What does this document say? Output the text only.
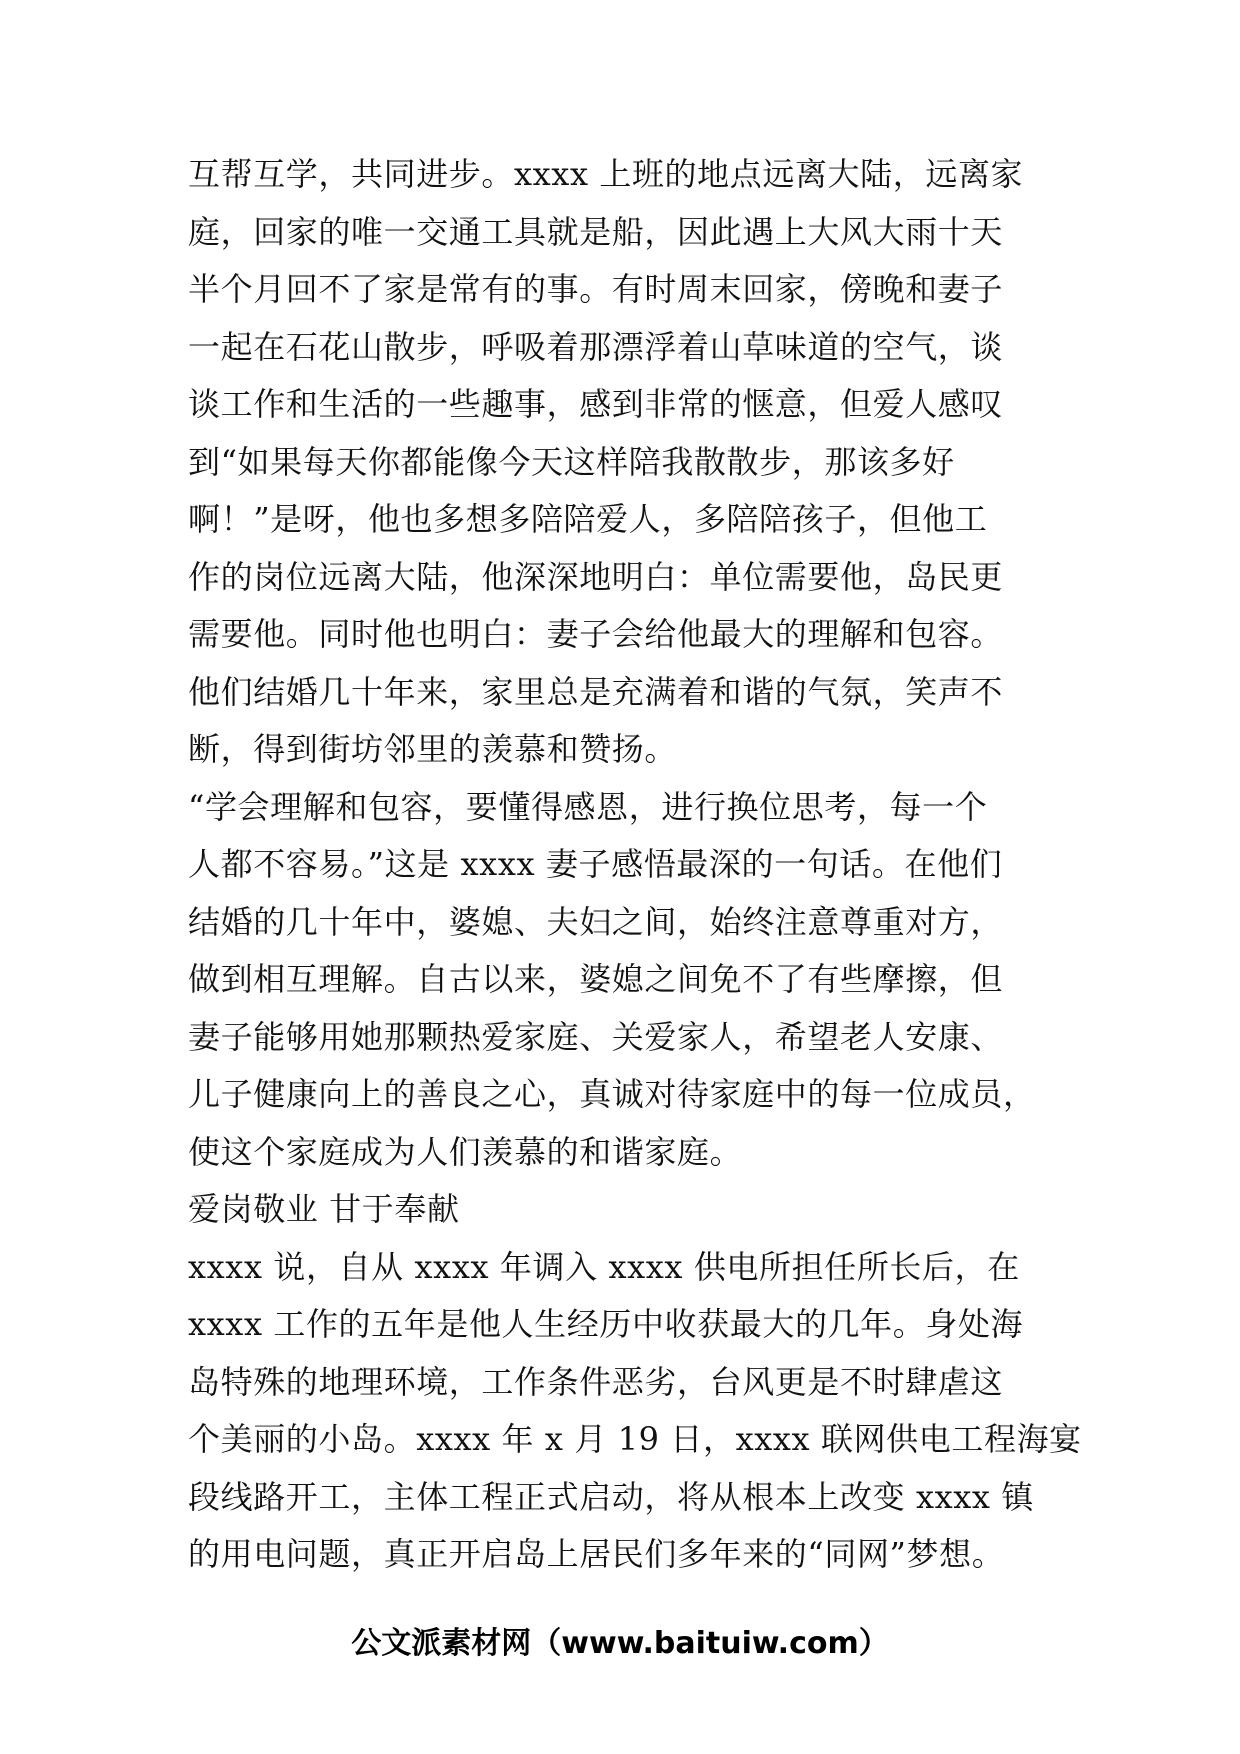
互帮互学，共同进步。xxxx 上班的地点远离大陆，远离家
庭，回家的唯一交通工具就是船，因此遇上大风大雨十天
半个月回不了家是常有的事。有时周末回家，傍晚和妻子
一起在石花山散步，呼吸着那漂浮着山草味道的空气，谈
谈工作和生活的一些趣事，感到非常的惬意，但爱人感叹
到“如果每天你都能像今天这样陪我散散步，那该多好
啊！”是呀，他也多想多陪陪爱人，多陪陪孩子，但他工
作的岗位远离大陆，他深深地明白：单位需要他，岛民更
需要他。同时他也明白：妻子会给他最大的理解和包容。
他们结婚几十年来，家里总是充满着和谐的气氛，笑声不
断，得到街坊邻里的羡慕和赞扬。
“学会理解和包容，要懂得感恩，进行换位思考，每一个
人都不容易。”这是 xxxx 妻子感悟最深的一句话。在他们
结婚的几十年中，婆媳、夫妇之间，始终注意尊重对方，
做到相互理解。自古以来，婆媳之间免不了有些摩擦，但
妻子能够用她那颗热爱家庭、关爱家人，希望老人安康、
儿子健康向上的善良之心，真诚对待家庭中的每一位成员，
使这个家庭成为人们羡慕的和谐家庭。
爱岗敬业 甘于奉献
xxxx 说，自从 xxxx 年调入 xxxx 供电所担任所长后，在
xxxx 工作的五年是他人生经历中收获最大的几年。身处海
岛特殊的地理环境，工作条件恶劣，台风更是不时肆虐这
个美丽的小岛。xxxx 年 x 月 19 日，xxxx 联网供电工程海宴
段线路开工，主体工程正式启动，将从根本上改变 xxxx 镇
的用电问题，真正开启岛上居民们多年来的“同网”梦想。
公文派素材网（www.baituiw.com）
